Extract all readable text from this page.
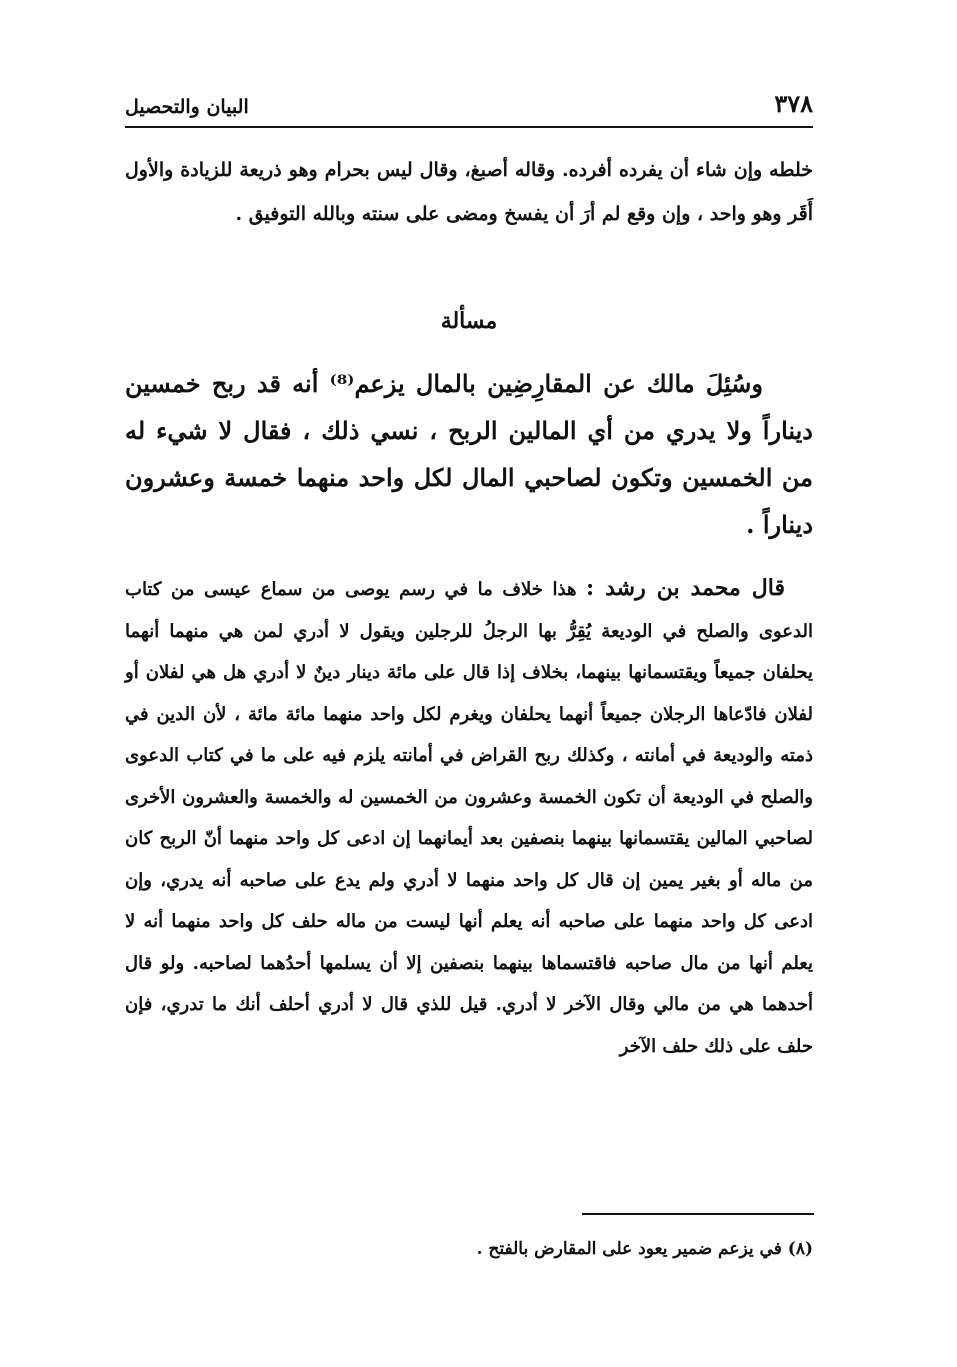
٣٧٨
البيان والتحصيل

خلطه وإن شاء أن يفرده أفرده. وقاله أصبغ، وقال ليس بحرام وهو ذريعة للزيادة والأول أَقَر وهو واحد ، وإن وقع لم أرَ أن يفسخ ومضى على سنته وبالله التوفيق .

مسألة

وسُئِلَ مالك عن المقارِضِين بالمال يزعم⁽⁸⁾ أنه قد ربح خمسين ديناراً ولا يدري من أي المالين الربح ، نسي ذلك ، فقال لا شيء له من الخمسين وتكون لصاحبي المال لكل واحد منهما خمسة وعشرون ديناراً .

قال محمد بن رشد : هذا خلاف ما في رسم يوصى من سماع عيسى من كتاب الدعوى والصلح في الوديعة يُقِرُّ بها الرجلُ للرجلين ويقول لا أدري لمن هي منهما أنهما يحلفان جميعاً ويقتسمانها بينهما، بخلاف إذا قال على مائة دينار دينٌ لا أدري هل هي لفلان أو لفلان فادّعاها الرجلان جميعاً أنهما يحلفان ويغرم لكل واحد منهما مائة مائة ، لأن الدين في ذمته والوديعة في أمانته ، وكذلك ربح القراض في أمانته يلزم فيه على ما في كتاب الدعوى والصلح في الوديعة أن تكون الخمسة وعشرون من الخمسين له والخمسة والعشرون الأخرى لصاحبي المالين يقتسمانها بينهما بنصفين بعد أيمانهما إن ادعى كل واحد منهما أنّ الربح كان من ماله أو بغير يمين إن قال كل واحد منهما لا أدري ولم يدع على صاحبه أنه يدري، وإن ادعى كل واحد منهما على صاحبه أنه يعلم أنها ليست من ماله حلف كل واحد منهما أنه لا يعلم أنها من مال صاحبه فاقتسماها بينهما بنصفين إلا أن يسلمها أحدُهما لصاحبه. ولو قال أحدهما هي من مالي وقال الآخر لا أدري. قيل للذي قال لا أدري أحلف أنك ما تدري، فإن حلف على ذلك حلف الآخر

(٨) في يزعم ضمير يعود على المقارض بالفتح .
